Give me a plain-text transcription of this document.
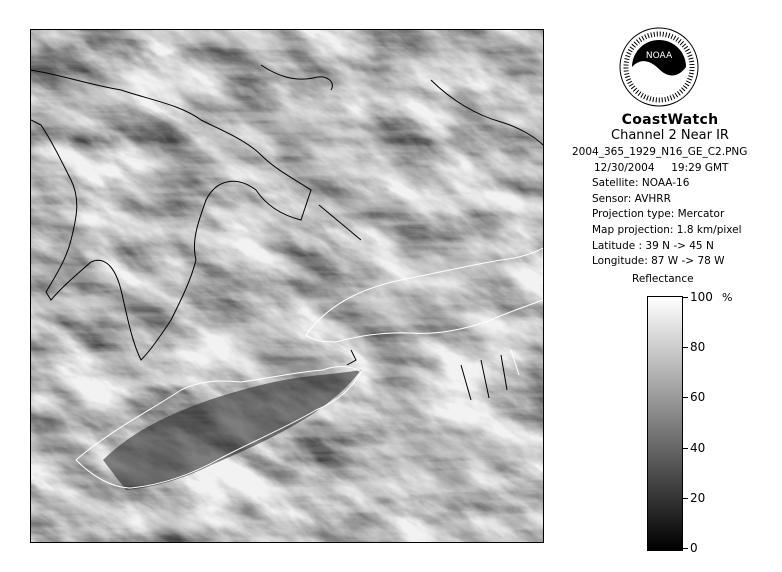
NOAA
CoastWatch
Channel 2 Near IR
2004_365_1929_N16_GE_C2.PNG
12/30/2004 19:29 GMT
Satellite: NOAA-16
Sensor: AVHRR
Projection type: Mercator
Map projection: 1.8 km/pixel
Latitude : 39 N -> 45 N
Longitude: 87 W -> 78 W
Reflectance
%
100
80
60
40
20
0
